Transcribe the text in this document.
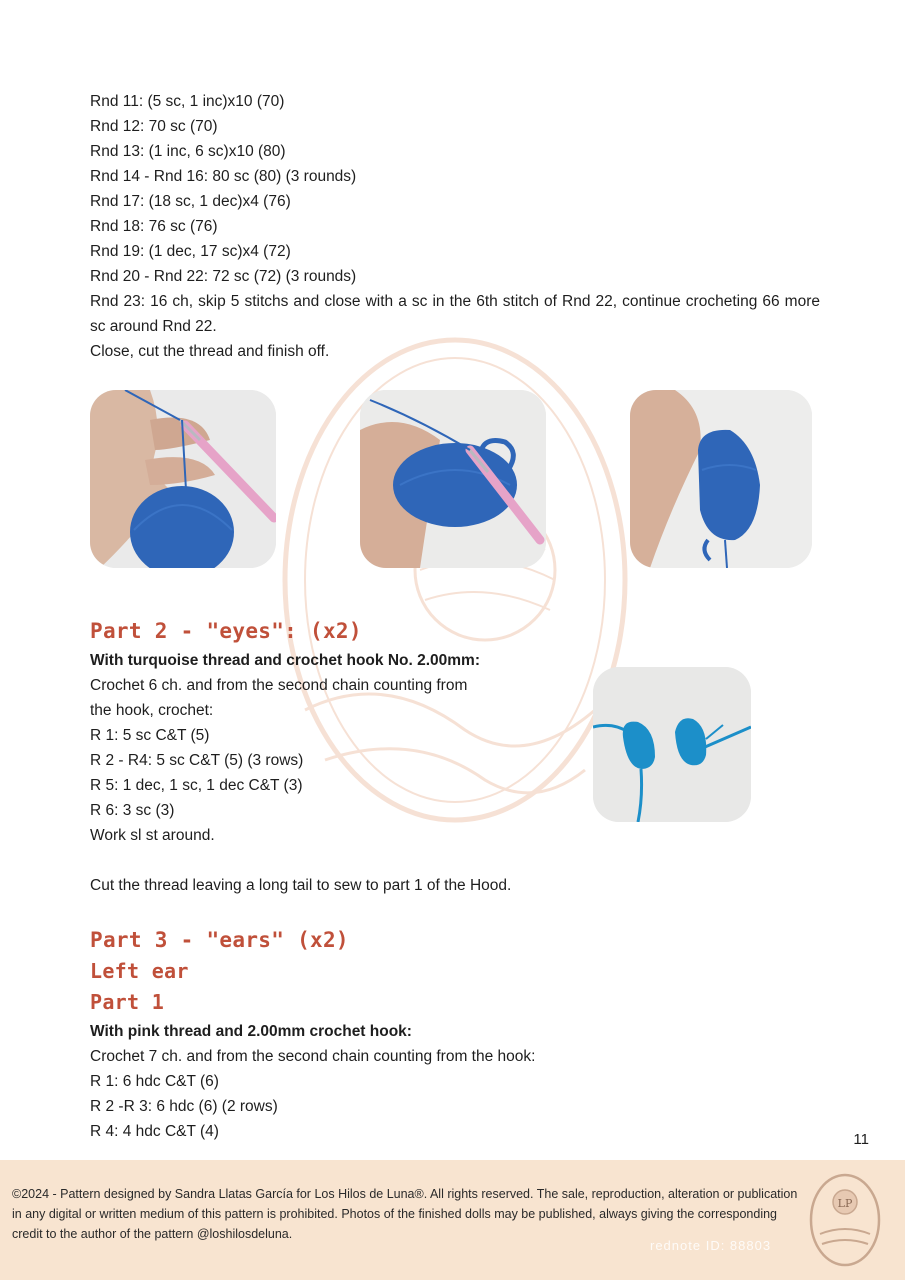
Rnd 11: (5 sc, 1 inc)x10 (70)
Rnd 12: 70 sc (70)
Rnd 13: (1 inc, 6 sc)x10 (80)
Rnd 14 - Rnd 16: 80 sc (80) (3 rounds)
Rnd 17: (18 sc, 1 dec)x4 (76)
Rnd 18: 76 sc (76)
Rnd 19: (1 dec, 17 sc)x4 (72)
Rnd 20 - Rnd 22: 72 sc (72) (3 rounds)
Rnd 23: 16 ch, skip 5 stitchs and close with a sc in the 6th stitch of Rnd 22, continue crocheting 66 more sc around Rnd 22.
Close, cut the thread and finish off.
Part 2 - "eyes": (x2)
With turquoise thread and crochet hook No. 2.00mm:
Crochet 6 ch. and from the second chain counting from
the hook, crochet:
R 1: 5 sc C&T (5)
R 2 - R4: 5 sc C&T (5) (3 rows)
R 5: 1 dec, 1 sc, 1 dec C&T (3)
R 6: 3 sc (3)
Work sl st around.
Cut the thread leaving a long tail to sew to part 1 of the Hood.
Part 3 - "ears" (x2)
Left ear
Part 1
With pink thread and 2.00mm crochet hook:
Crochet 7 ch. and from the second chain counting from the hook:
R 1: 6 hdc C&T (6)
R 2 -R 3: 6 hdc (6) (2 rows)
R 4: 4 hdc C&T (4)	11
©2024 - Pattern designed by Sandra Llatas García for Los Hilos de Luna®. All rights reserved. The sale, reproduction, alteration or publication in any digital or written medium of this pattern is prohibited. Photos of the finished dolls may be published, always giving the corresponding credit to the author of the pattern @loshilosdeluna.
LP
rednote ID: 88803
